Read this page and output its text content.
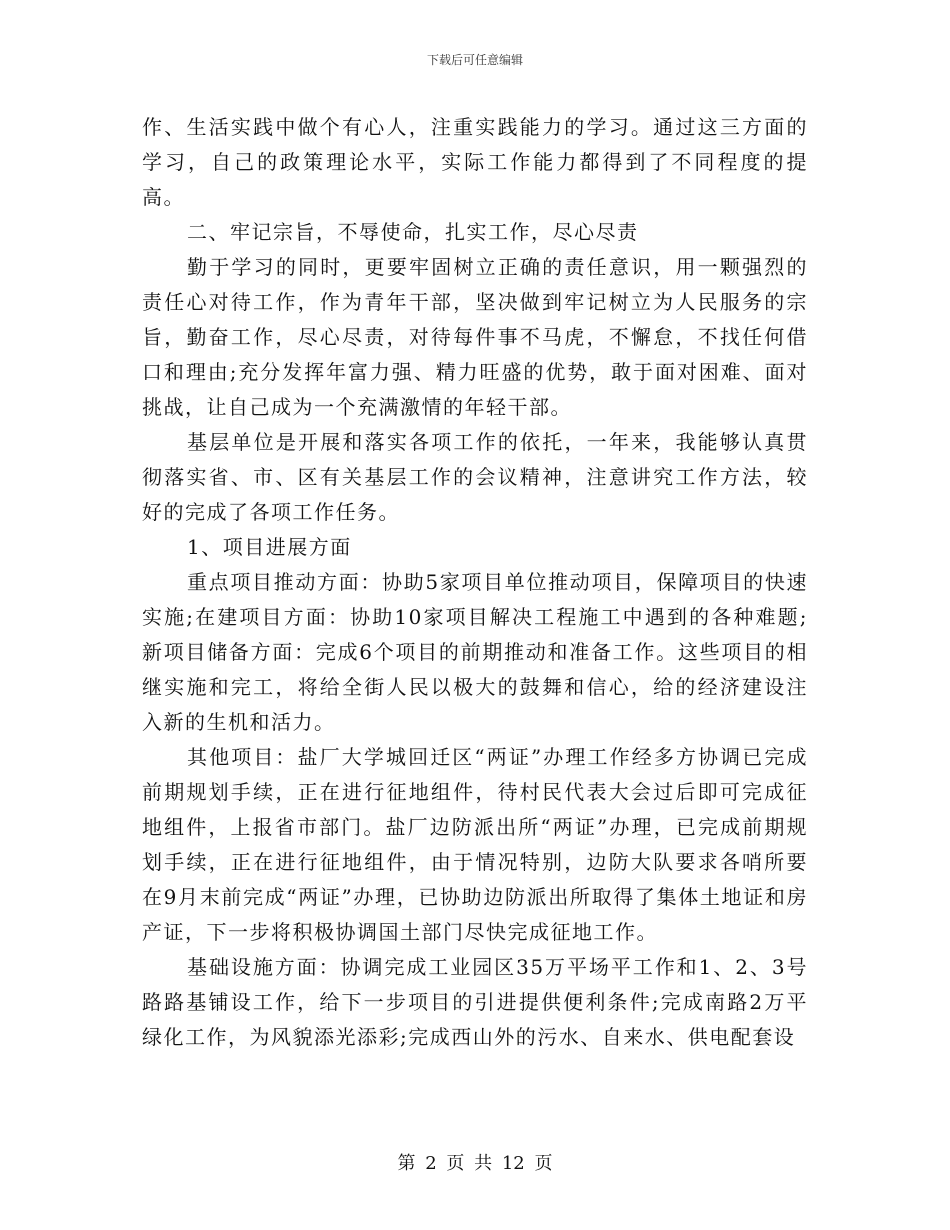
下载后可任意编辑

作、生活实践中做个有心人，注重实践能力的学习。通过这三方面的学习，自己的政策理论水平，实际工作能力都得到了不同程度的提高。

二、牢记宗旨，不辱使命，扎实工作，尽心尽责

勤于学习的同时，更要牢固树立正确的责任意识，用一颗强烈的责任心对待工作，作为青年干部，坚决做到牢记树立为人民服务的宗旨，勤奋工作，尽心尽责，对待每件事不马虎，不懈怠，不找任何借口和理由;充分发挥年富力强、精力旺盛的优势，敢于面对困难、面对挑战，让自己成为一个充满激情的年轻干部。

基层单位是开展和落实各项工作的依托，一年来，我能够认真贯彻落实省、市、区有关基层工作的会议精神，注意讲究工作方法，较好的完成了各项工作任务。

1、项目进展方面

重点项目推动方面：协助5家项目单位推动项目，保障项目的快速实施;在建项目方面：协助10家项目解决工程施工中遇到的各种难题;新项目储备方面：完成6个项目的前期推动和准备工作。这些项目的相继实施和完工，将给全街人民以极大的鼓舞和信心，给的经济建设注入新的生机和活力。

其他项目：盐厂大学城回迁区“两证”办理工作经多方协调已完成前期规划手续，正在进行征地组件，待村民代表大会过后即可完成征地组件，上报省市部门。盐厂边防派出所“两证”办理，已完成前期规划手续，正在进行征地组件，由于情况特别，边防大队要求各哨所要在9月末前完成“两证”办理，已协助边防派出所取得了集体土地证和房产证，下一步将积极协调国土部门尽快完成征地工作。

基础设施方面：协调完成工业园区35万平场平工作和1、2、3号路路基铺设工作，给下一步项目的引进提供便利条件;完成南路2万平绿化工作，为风貌添光添彩;完成西山外的污水、自来水、供电配套设

第 2 页 共 12 页
